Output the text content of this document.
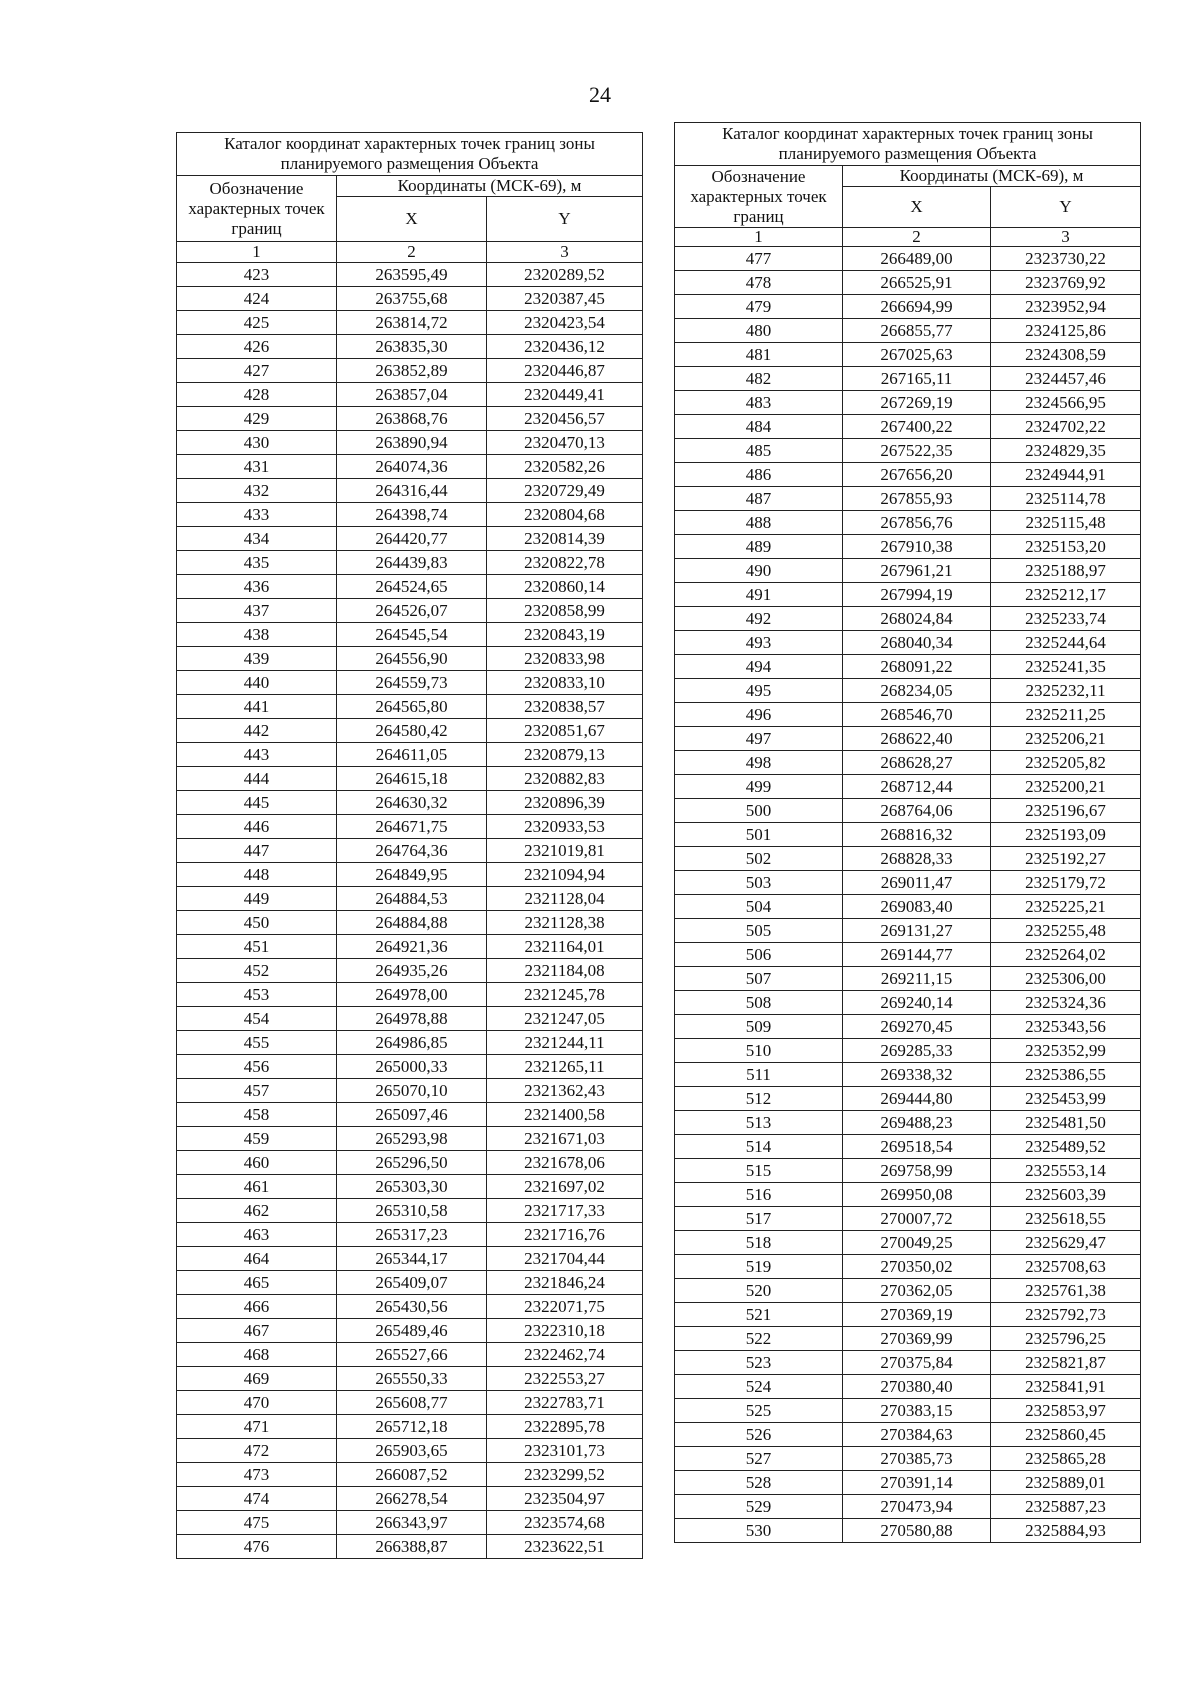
24
Каталог координат характерных точек границ зоны планируемого размещения Объекта		
Обозначение характерных точек границ	Координаты (МСК-69), м	
	X	Y
1	2	3
423	263595,49	2320289,52
424	263755,68	2320387,45
425	263814,72	2320423,54
426	263835,30	2320436,12
427	263852,89	2320446,87
428	263857,04	2320449,41
429	263868,76	2320456,57
430	263890,94	2320470,13
431	264074,36	2320582,26
432	264316,44	2320729,49
433	264398,74	2320804,68
434	264420,77	2320814,39
435	264439,83	2320822,78
436	264524,65	2320860,14
437	264526,07	2320858,99
438	264545,54	2320843,19
439	264556,90	2320833,98
440	264559,73	2320833,10
441	264565,80	2320838,57
442	264580,42	2320851,67
443	264611,05	2320879,13
444	264615,18	2320882,83
445	264630,32	2320896,39
446	264671,75	2320933,53
447	264764,36	2321019,81
448	264849,95	2321094,94
449	264884,53	2321128,04
450	264884,88	2321128,38
451	264921,36	2321164,01
452	264935,26	2321184,08
453	264978,00	2321245,78
454	264978,88	2321247,05
455	264986,85	2321244,11
456	265000,33	2321265,11
457	265070,10	2321362,43
458	265097,46	2321400,58
459	265293,98	2321671,03
460	265296,50	2321678,06
461	265303,30	2321697,02
462	265310,58	2321717,33
463	265317,23	2321716,76
464	265344,17	2321704,44
465	265409,07	2321846,24
466	265430,56	2322071,75
467	265489,46	2322310,18
468	265527,66	2322462,74
469	265550,33	2322553,27
470	265608,77	2322783,71
471	265712,18	2322895,78
472	265903,65	2323101,73
473	266087,52	2323299,52
474	266278,54	2323504,97
475	266343,97	2323574,68
476	266388,87	2323622,51
Каталог координат характерных точек границ зоны планируемого размещения Объекта		
Обозначение характерных точек границ	Координаты (МСК-69), м	
	X	Y
1	2	3
477	266489,00	2323730,22
478	266525,91	2323769,92
479	266694,99	2323952,94
480	266855,77	2324125,86
481	267025,63	2324308,59
482	267165,11	2324457,46
483	267269,19	2324566,95
484	267400,22	2324702,22
485	267522,35	2324829,35
486	267656,20	2324944,91
487	267855,93	2325114,78
488	267856,76	2325115,48
489	267910,38	2325153,20
490	267961,21	2325188,97
491	267994,19	2325212,17
492	268024,84	2325233,74
493	268040,34	2325244,64
494	268091,22	2325241,35
495	268234,05	2325232,11
496	268546,70	2325211,25
497	268622,40	2325206,21
498	268628,27	2325205,82
499	268712,44	2325200,21
500	268764,06	2325196,67
501	268816,32	2325193,09
502	268828,33	2325192,27
503	269011,47	2325179,72
504	269083,40	2325225,21
505	269131,27	2325255,48
506	269144,77	2325264,02
507	269211,15	2325306,00
508	269240,14	2325324,36
509	269270,45	2325343,56
510	269285,33	2325352,99
511	269338,32	2325386,55
512	269444,80	2325453,99
513	269488,23	2325481,50
514	269518,54	2325489,52
515	269758,99	2325553,14
516	269950,08	2325603,39
517	270007,72	2325618,55
518	270049,25	2325629,47
519	270350,02	2325708,63
520	270362,05	2325761,38
521	270369,19	2325792,73
522	270369,99	2325796,25
523	270375,84	2325821,87
524	270380,40	2325841,91
525	270383,15	2325853,97
526	270384,63	2325860,45
527	270385,73	2325865,28
528	270391,14	2325889,01
529	270473,94	2325887,23
530	270580,88	2325884,93
